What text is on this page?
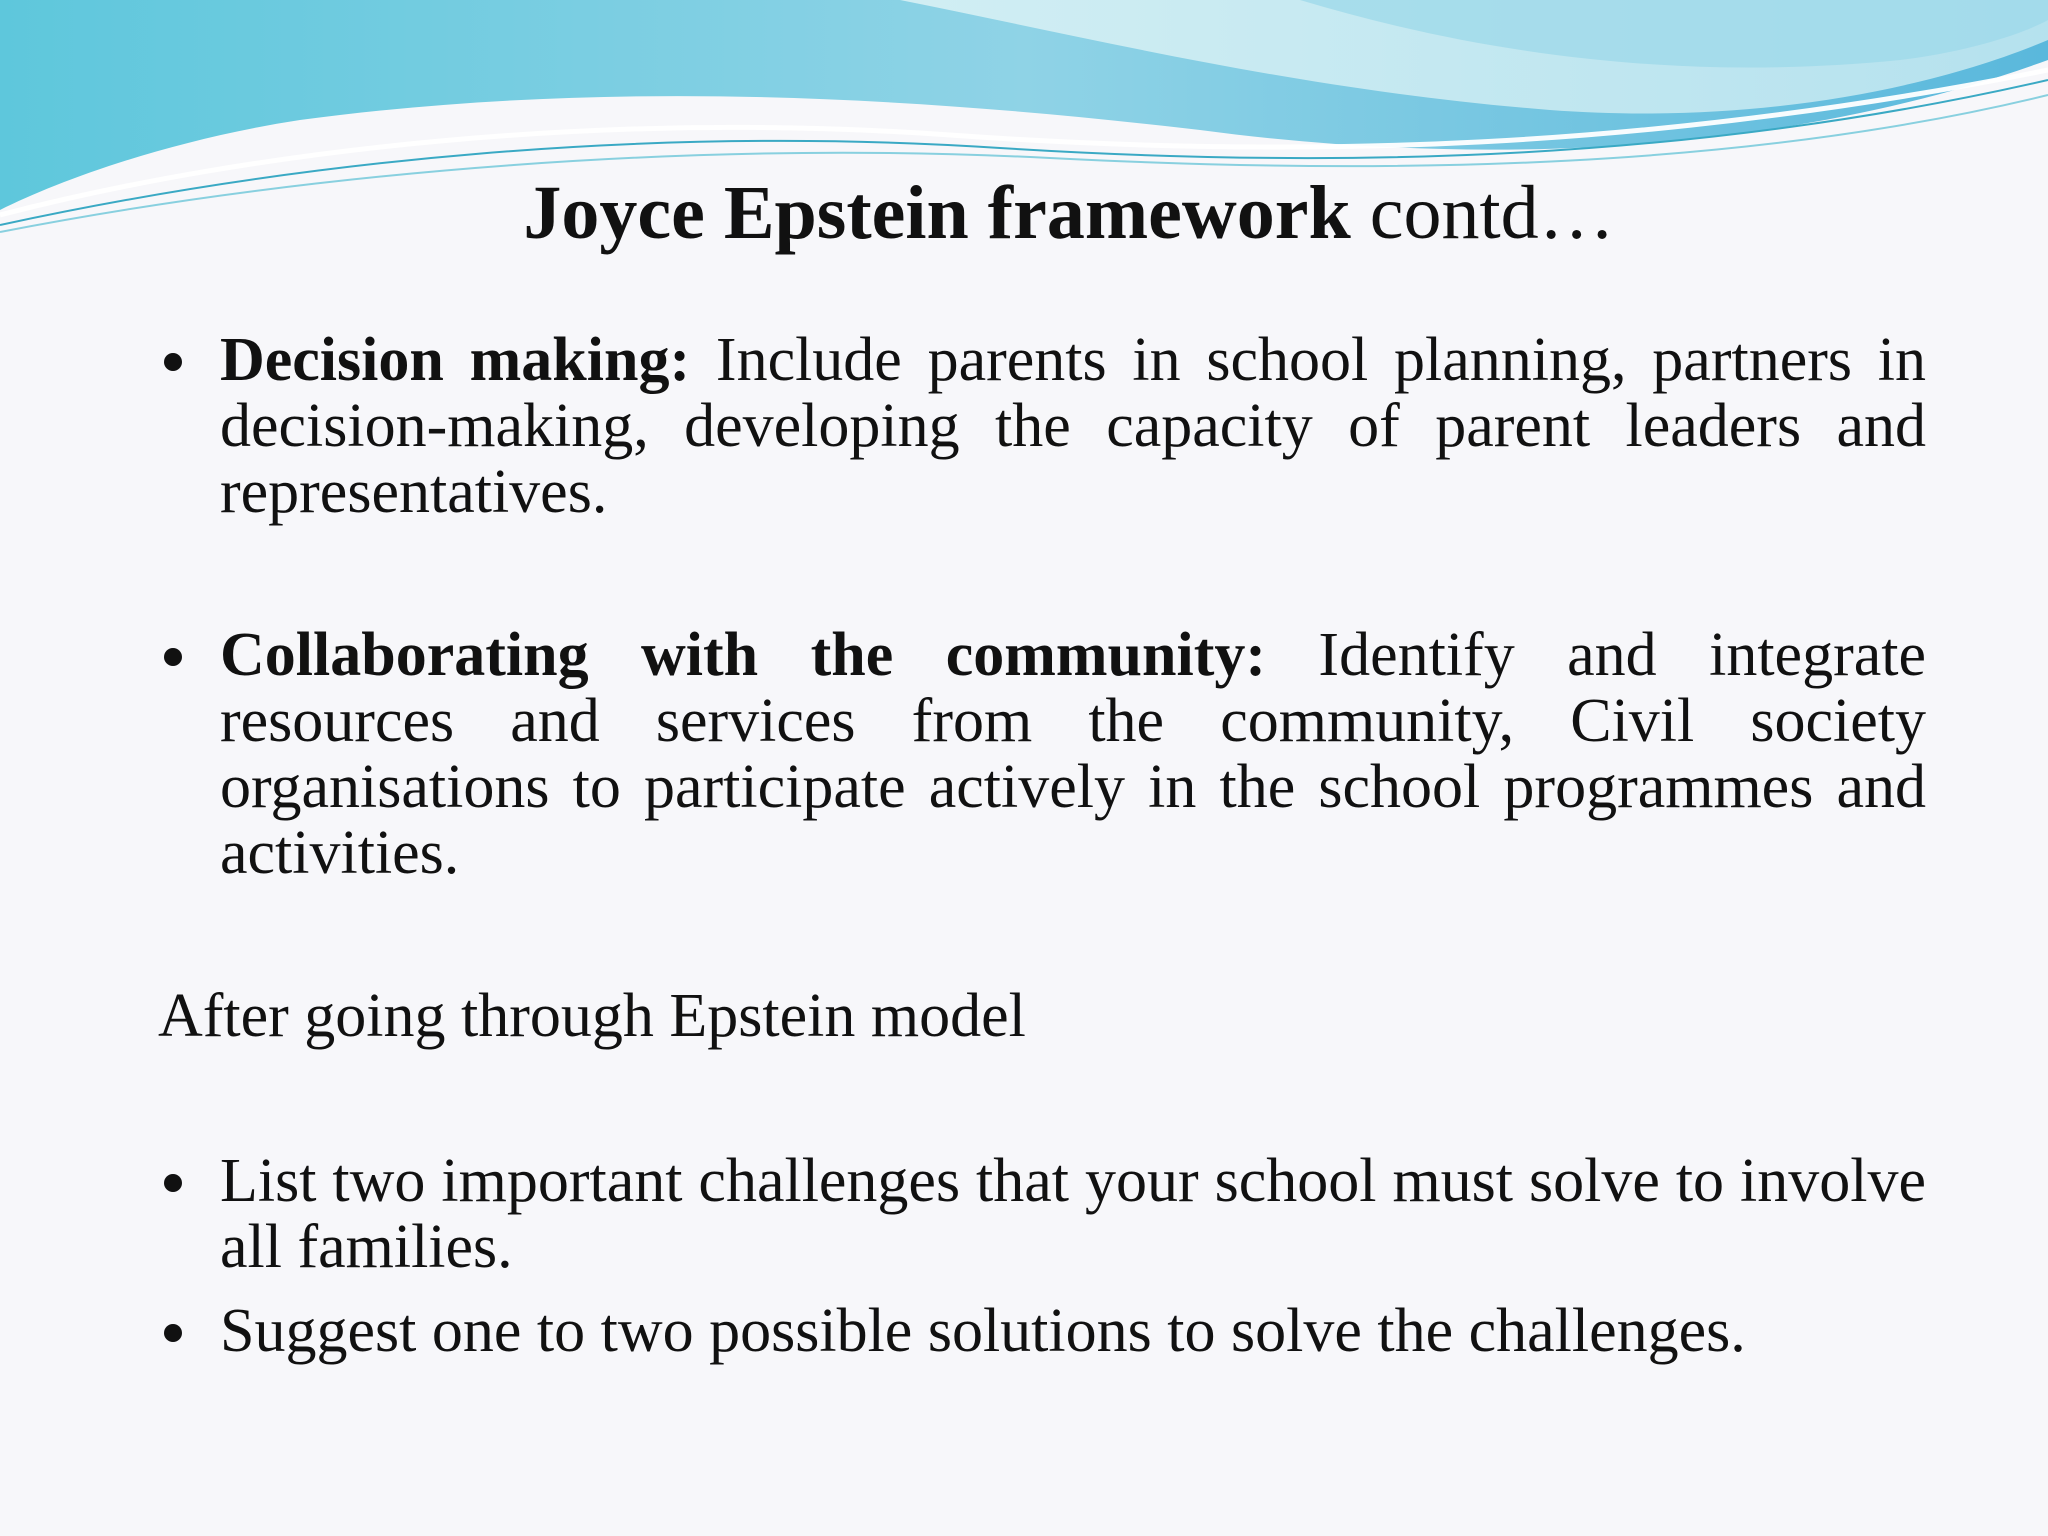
Joyce Epstein framework contd…
Decision making: Include parents in school planning, partners in decision-making, developing the capacity of parent leaders and representatives.
Collaborating with the community: Identify and integrate resources and services from the community, Civil society organisations to participate actively in the school programmes and activities.

After going through Epstein model

List two important challenges that your school must solve to involve all families.
Suggest one to two possible solutions to solve the challenges.
